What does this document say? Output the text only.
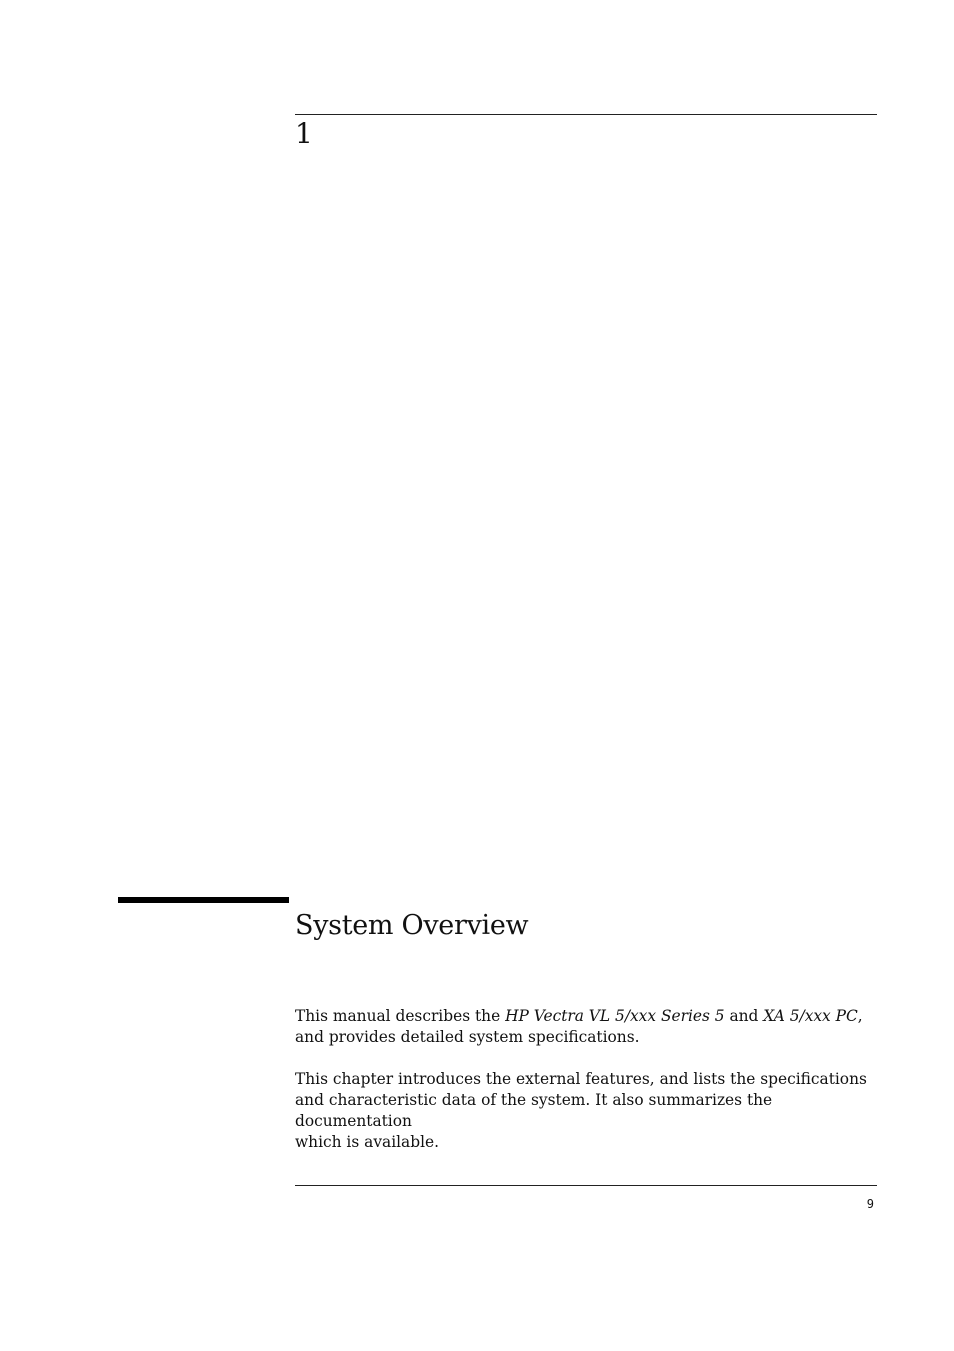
1
System Overview

This manual describes the HP Vectra VL 5/xxx Series 5 and XA 5/xxx PC,
and provides detailed system specifications.

This chapter introduces the external features, and lists the specifications
and characteristic data of the system. It also summarizes the documentation
which is available.

9
